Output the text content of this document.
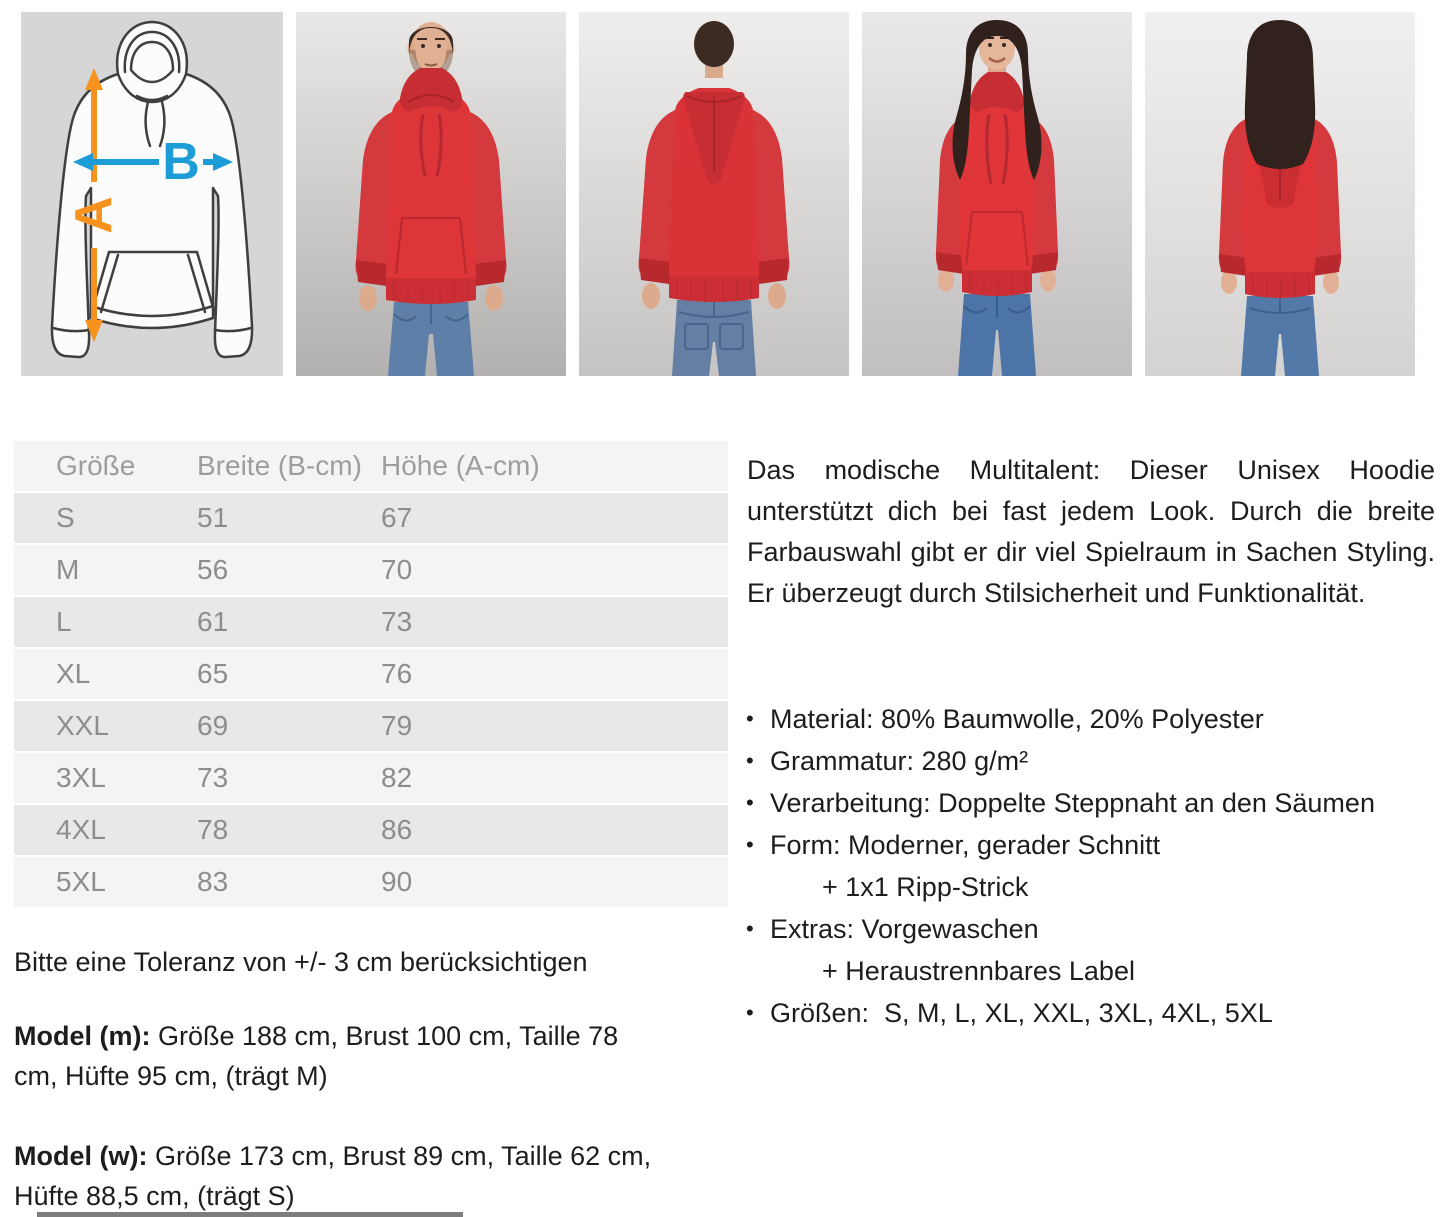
A
B
Größe	Breite (B-cm) Höhe (A-cm)
S	51	67
M	56	70
L	61	73
XL	65	76
XXL	69	79
3XL	73	82
4XL	78	86
5XL	83	90
Bitte eine Toleranz von +/- 3 cm berücksichtigen
Model (m): Größe 188 cm, Brust 100 cm, Taille 78 cm, Hüfte 95 cm, (trägt M)
Model (w): Größe 173 cm, Brust 89 cm, Taille 62 cm, Hüfte 88,5 cm, (trägt S)
Das modische Multitalent: Dieser Unisex Hoodie unterstützt dich bei fast jedem Look. Durch die breite Farbauswahl gibt er dir viel Spielraum in Sachen Styling. Er überzeugt durch Stilsicherheit und Funktionalität.
• Material: 80% Baumwolle, 20% Polyester
• Grammatur: 280 g/m²
• Verarbeitung: Doppelte Steppnaht an den Säumen
• Form: Moderner, gerader Schnitt
+ 1x1 Ripp-Strick
• Extras: Vorgewaschen
+ Heraustrennbares Label
• Größen:  S, M, L, XL, XXL, 3XL, 4XL, 5XL
